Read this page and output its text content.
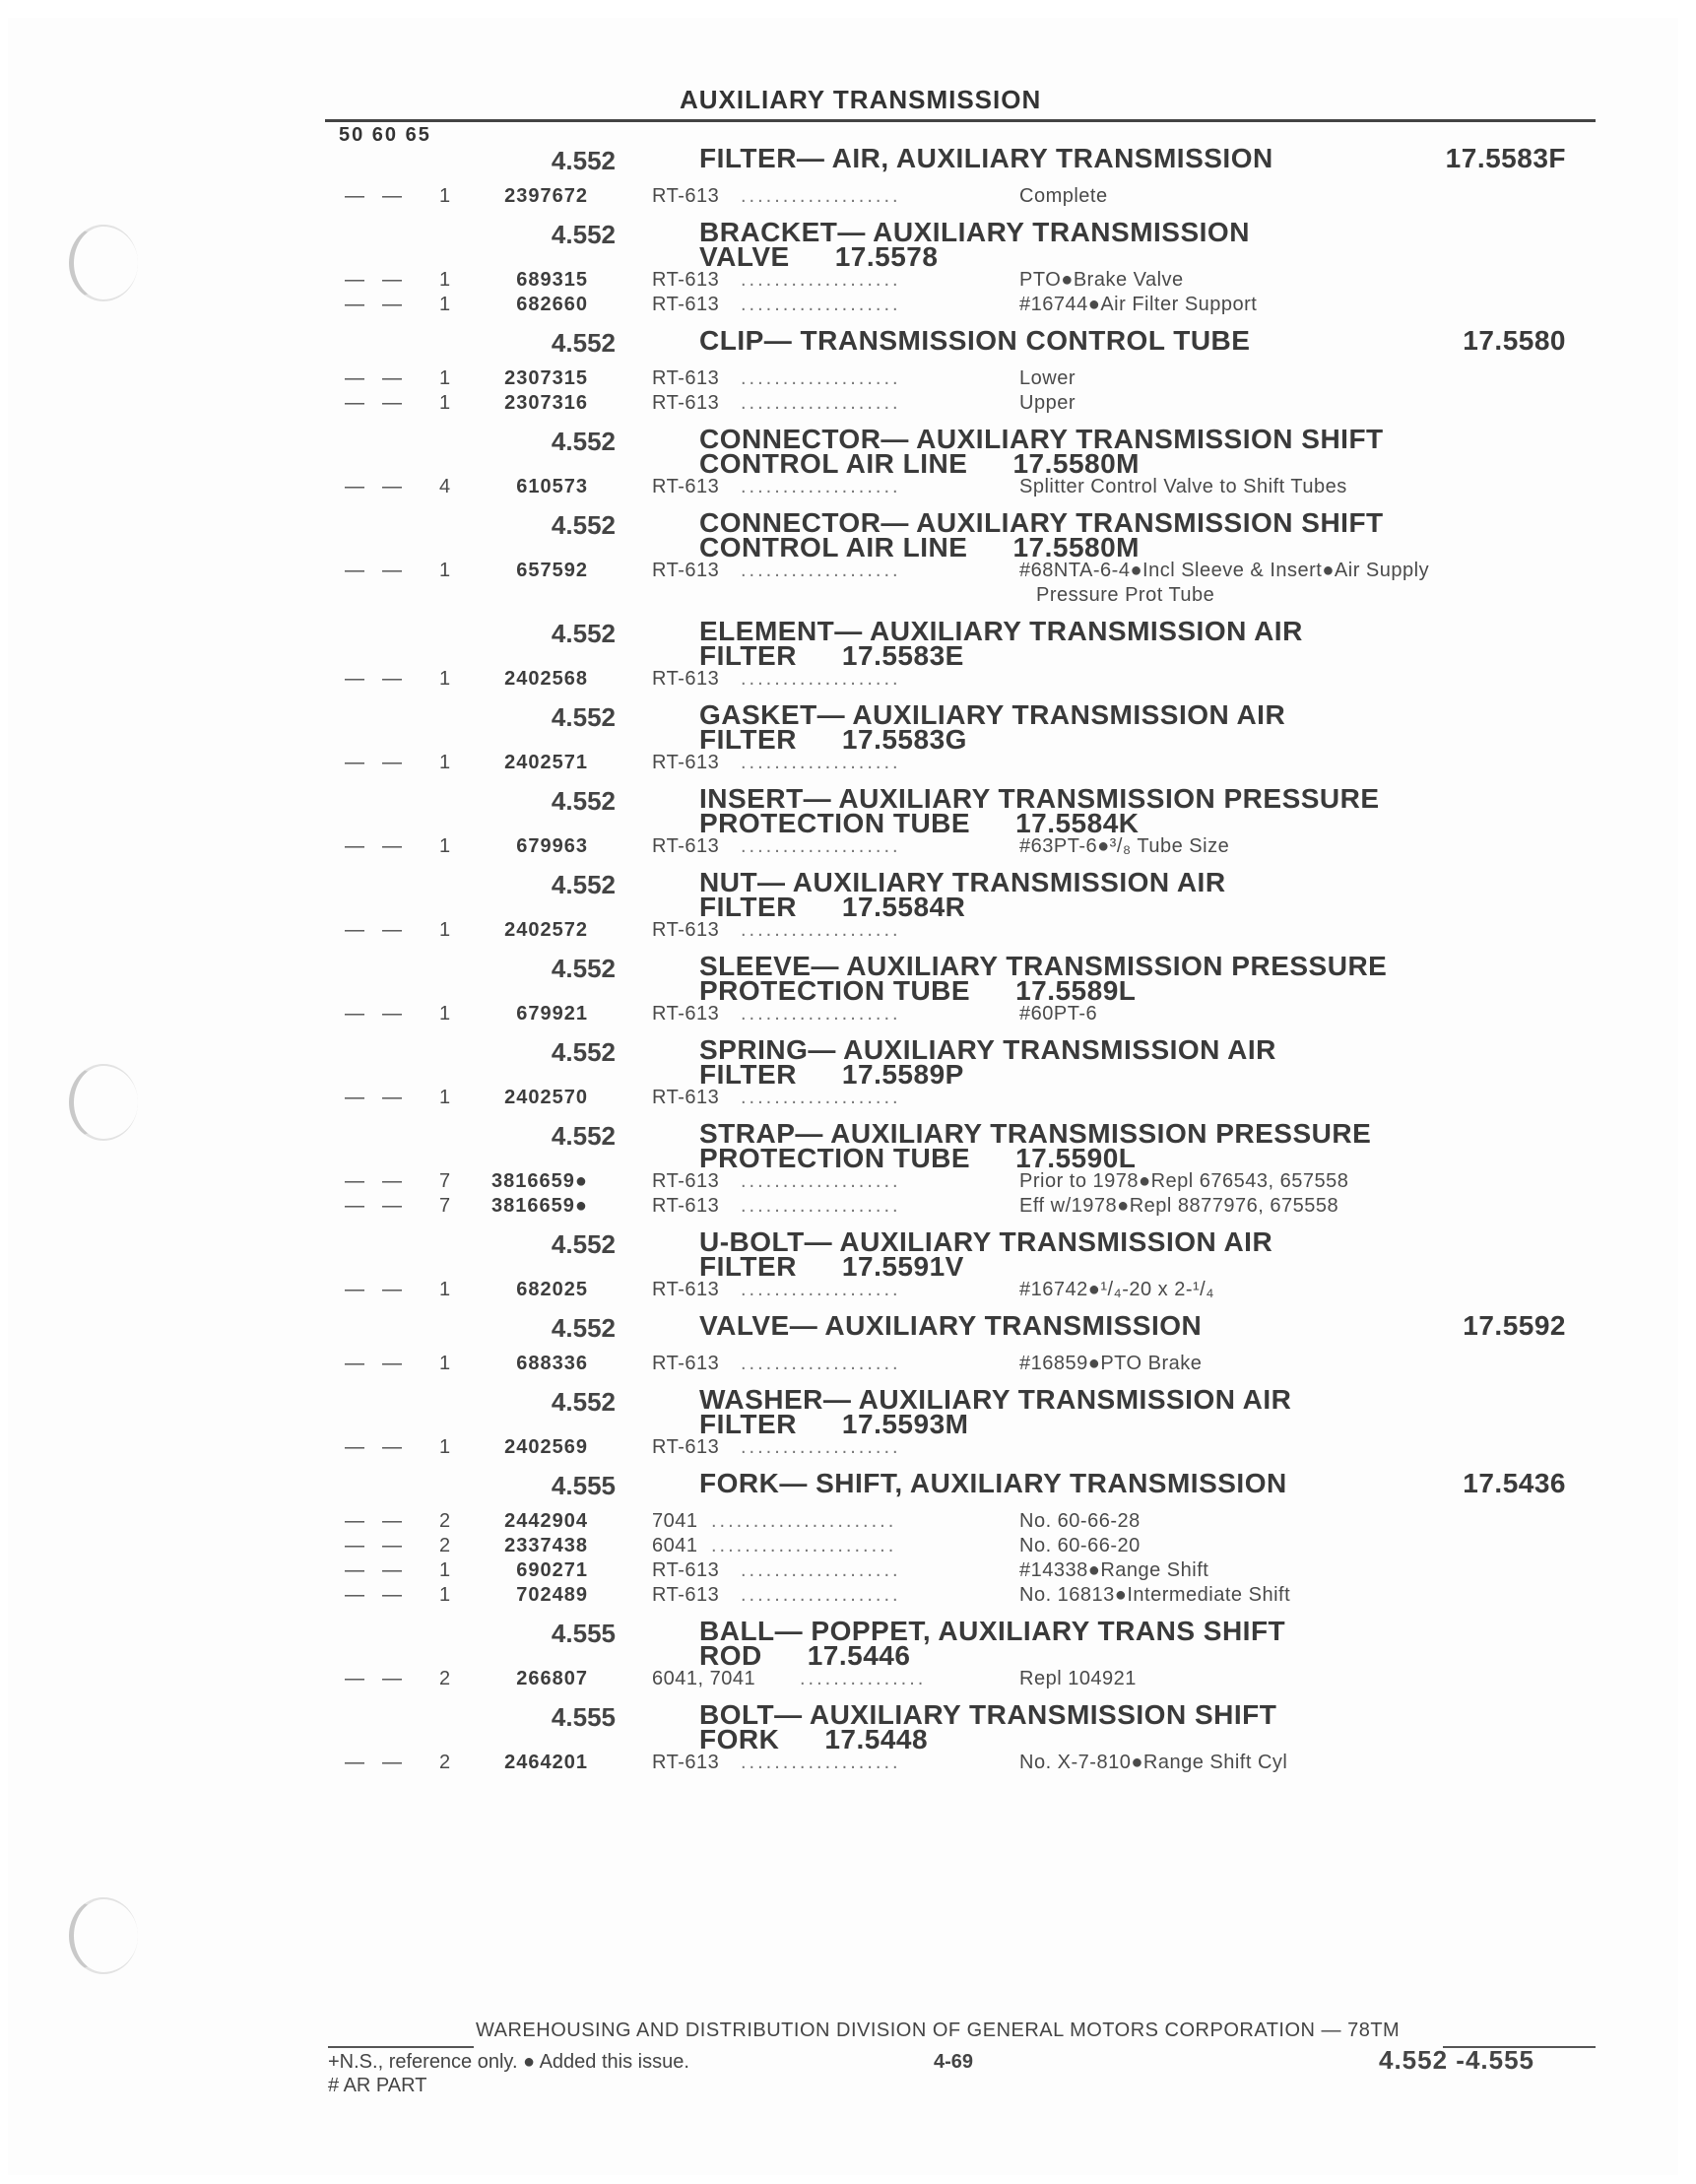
AUXILIARY TRANSMISSION
50 60 65
4.552	FILTER— AIR, AUXILIARY TRANSMISSION	17.5583F
— — 1	2397672	RT-613 ...................	Complete
4.552	BRACKET— AUXILIARY TRANSMISSION
VALVE 17.5578
— — 1	689315	RT-613 ...................	PTO●Brake Valve
— — 1	682660	RT-613 ...................	#16744●Air Filter Support
4.552	CLIP— TRANSMISSION CONTROL TUBE	17.5580
— — 1	2307315	RT-613 ...................	Lower
— — 1	2307316	RT-613 ...................	Upper
4.552	CONNECTOR— AUXILIARY TRANSMISSION SHIFT
CONTROL AIR LINE 17.5580M
— — 4	610573	RT-613 ...................	Splitter Control Valve to Shift Tubes
4.552	CONNECTOR— AUXILIARY TRANSMISSION SHIFT
CONTROL AIR LINE 17.5580M
— — 1	657592	RT-613 ...................	#68NTA-6-4●Incl Sleeve & Insert●Air Supply
Pressure Prot Tube
4.552	ELEMENT— AUXILIARY TRANSMISSION AIR
FILTER 17.5583E
— — 1	2402568	RT-613 ...................
4.552	GASKET— AUXILIARY TRANSMISSION AIR
FILTER 17.5583G
— — 1	2402571	RT-613 ...................
4.552	INSERT— AUXILIARY TRANSMISSION PRESSURE
PROTECTION TUBE 17.5584K
— — 1	679963	RT-613 ...................	#63PT-6●³/₈ Tube Size
4.552	NUT— AUXILIARY TRANSMISSION AIR
FILTER 17.5584R
— — 1	2402572	RT-613 ...................
4.552	SLEEVE— AUXILIARY TRANSMISSION PRESSURE
PROTECTION TUBE 17.5589L
— — 1	679921	RT-613 ...................	#60PT-6
4.552	SPRING— AUXILIARY TRANSMISSION AIR
FILTER 17.5589P
— — 1	2402570	RT-613 ...................
4.552	STRAP— AUXILIARY TRANSMISSION PRESSURE
PROTECTION TUBE 17.5590L
— — 7	3816659●	RT-613 ...................	Prior to 1978●Repl 676543, 657558
— — 7	3816659●	RT-613 ...................	Eff w/1978●Repl 8877976, 675558
4.552	U-BOLT— AUXILIARY TRANSMISSION AIR
FILTER 17.5591V
— — 1	682025	RT-613 ...................	#16742●¹/₄-20 x 2-¹/₄
4.552	VALVE— AUXILIARY TRANSMISSION	17.5592
— — 1	688336	RT-613 ...................	#16859●PTO Brake
4.552	WASHER— AUXILIARY TRANSMISSION AIR
FILTER 17.5593M
— — 1	2402569	RT-613 ...................
4.555	FORK— SHIFT, AUXILIARY TRANSMISSION	17.5436
— — 2	2442904	7041 ......................	No. 60-66-28
— — 2	2337438	6041 ......................	No. 60-66-20
— — 1	690271	RT-613 ...................	#14338●Range Shift
— — 1	702489	RT-613 ...................	No. 16813●Intermediate Shift
4.555	BALL— POPPET, AUXILIARY TRANS SHIFT
ROD 17.5446
— — 2	266807	6041, 7041 ...............	Repl 104921
4.555	BOLT— AUXILIARY TRANSMISSION SHIFT
FORK 17.5448
— — 2	2464201	RT-613 ...................	No. X-7-810●Range Shift Cyl
WAREHOUSING AND DISTRIBUTION DIVISION OF GENERAL MOTORS CORPORATION — 78TM
+N.S., reference only. ● Added this issue.
# AR PART
4-69	4.552 -4.555
